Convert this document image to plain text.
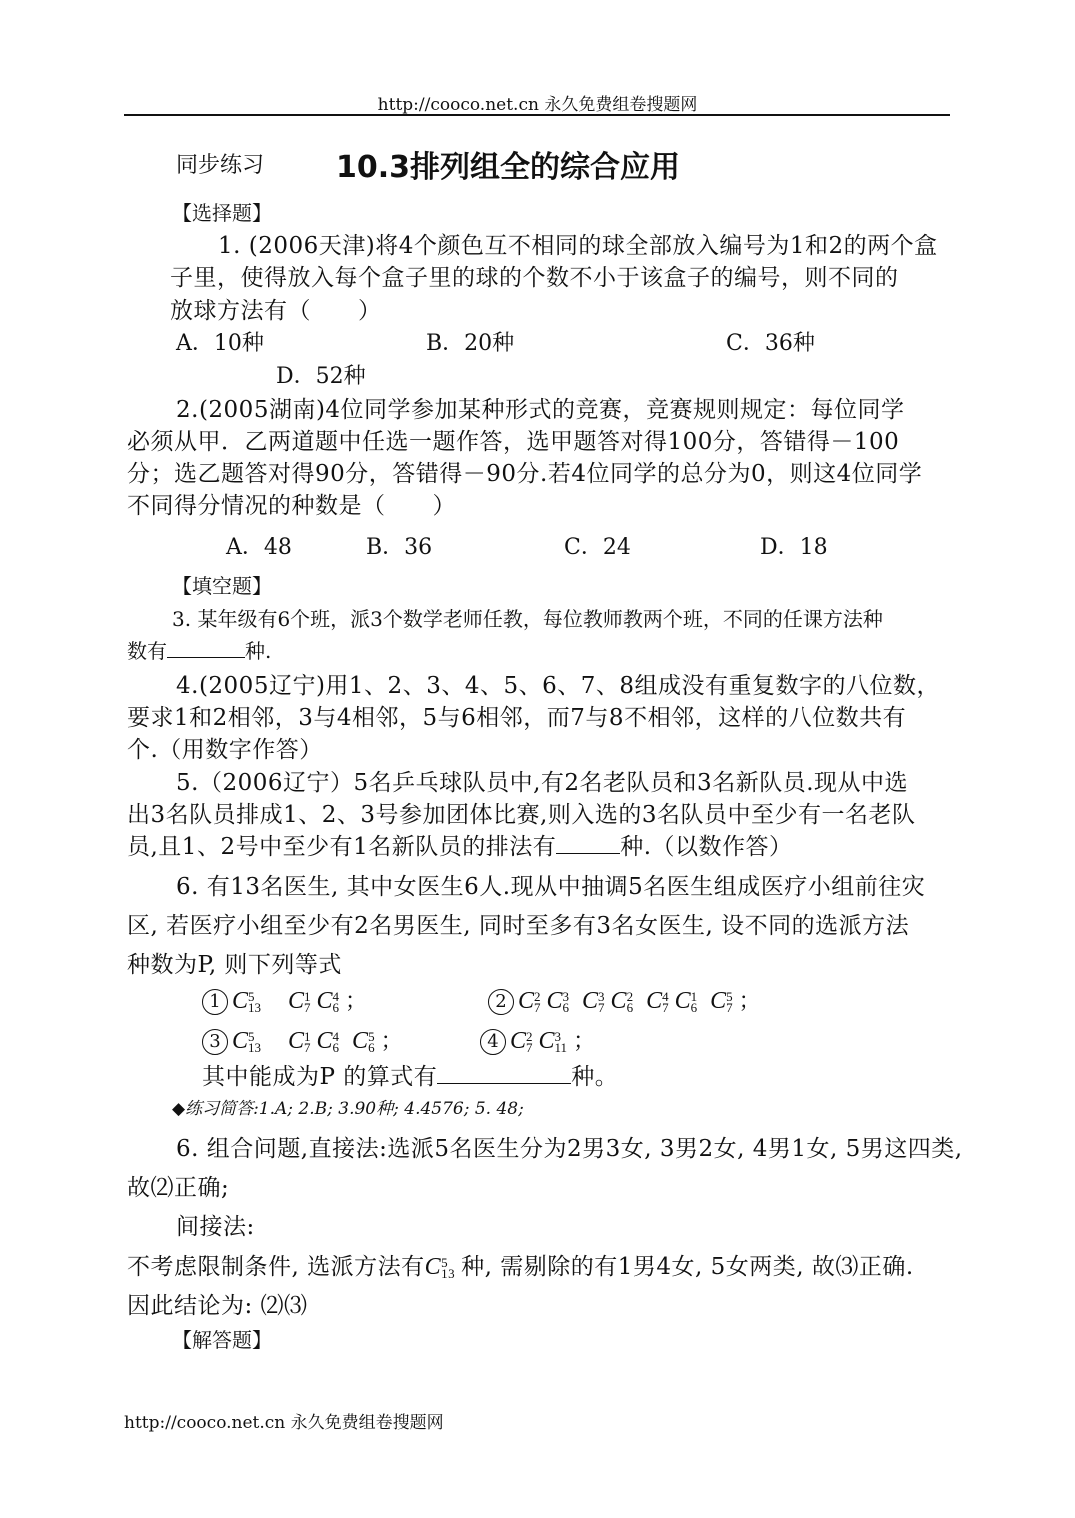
http://cooco.net.cn 永久免费组卷搜题网
同步练习 10.3排列组全的综合应用
【选择题】
1. (2006天津)将4个颜色互不相同的球全部放入编号为1和2的两个盒
子里，使得放入每个盒子里的球的个数不小于该盒子的编号，则不同的
放球方法有（　　）
A．10种	B．20种	C．36种
D．52种
2.(2005湖南)4位同学参加某种形式的竞赛，竞赛规则规定：每位同学
必须从甲．乙两道题中任选一题作答，选甲题答对得100分，答错得－100
分；选乙题答对得90分，答错得－90分.若4位同学的总分为0，则这4位同学
不同得分情况的种数是（　　）
A．48	B．36	C．24	D．18
【填空题】
3. 某年级有6个班，派3个数学老师任教，每位教师教两个班，不同的任课方法种
数有	种.
4.(2005辽宁)用1、2、3、4、5、6、7、8组成没有重复数字的八位数，
要求1和2相邻，3与4相邻，5与6相邻，而7与8不相邻，这样的八位数共有
个.（用数字作答）
5.（2006辽宁）5名乒乓球队员中,有2名老队员和3名新队员.现从中选
出3名队员排成1、2、3号参加团体比赛,则入选的3名队员中至少有一名老队
员,且1、2号中至少有1名新队员的排法有	种.（以数作答）
6. 有13名医生, 其中女医生6人.现从中抽调5名医生组成医疗小组前往灾
区, 若医疗小组至少有2名男医生, 同时至多有3名女医生, 设不同的选派方法
种数为P, 则下列等式
1 C 5
13 C 1
7 C 4
6 ；	2 C 2
7 C 3
6 C 3
7 C 2
6 C 4
7 C 1
6 C 5
7 ；
3 C 5
13 C 1
7 C 4
6 C 5
6 ；	4 C 2
7 C 3
11 ；
其中能成为P 的算式有	种。
◆练习简答:1.A; 2.B; 3.90种; 4.4576; 5. 48;
6. 组合问题,直接法:选派5名医生分为2男3女, 3男2女, 4男1女, 5男这四类,
故⑵正确;
间接法:
不考虑限制条件, 选派方法有C 5
13 种, 需剔除的有1男4女, 5女两类, 故⑶正确.
因此结论为: ⑵⑶
【解答题】
http://cooco.net.cn 永久免费组卷搜题网
